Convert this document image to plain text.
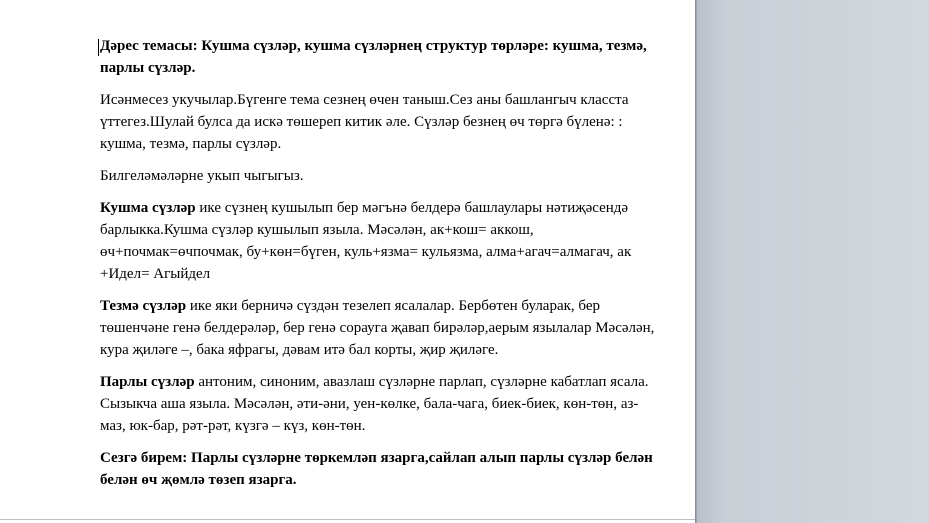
Дәрес темасы: Кушма сүзләр, кушма сүзләрнең структур төрләре: кушма, тезмә, парлы сүзләр.

Исәнмесез укучылар.Бүгенге тема сезнең өчен таныш.Сез аны башлангыч класста үттегез.Шулай булса да искә төшереп китик әле. Сүзләр безнең өч төргә бүленә: : кушма, тезмә, парлы сүзләр.

Билгеләмәләрне укып чыгыгыз.

Кушма сүзләр ике сүзнең кушылып бер мәгънә белдерә башлаулары нәтиҗәсендә барлыкка.Кушма сүзләр кушылып языла. Мәсәлән, ак+кош= аккош, өч+почмак=өчпочмак, бу+көн=бүген, куль+язма= кульязма, алма+агач=алмагач, ак +Идел= Агыйдел

Тезмә сүзләр ике яки берничә сүздән тезелеп ясалалар. Бербөтен буларак, бер төшенчәне генә белдерәләр, бер генә сорауга җавап бирәләр,аерым язылалар Мәсәлән, кура җиләге –, бака яфрагы, дәвам итә бал корты, җир җиләге.

Парлы сүзләр антоним, синоним, авазлаш сүзләрне парлап, сүзләрне кабатлап ясала. Сызыкча аша языла. Мәсәлән, әти-әни, уен-көлке, бала-чага, биек-биек, көн-төн, аз-маз, юк-бар, рәт-рәт, күзгә – күз, көн-төн.

Сезгә бирем: Парлы сүзләрне төркемләп язарга,сайлап алып парлы сүзләр белән белән өч җөмлә төзеп язарга.
